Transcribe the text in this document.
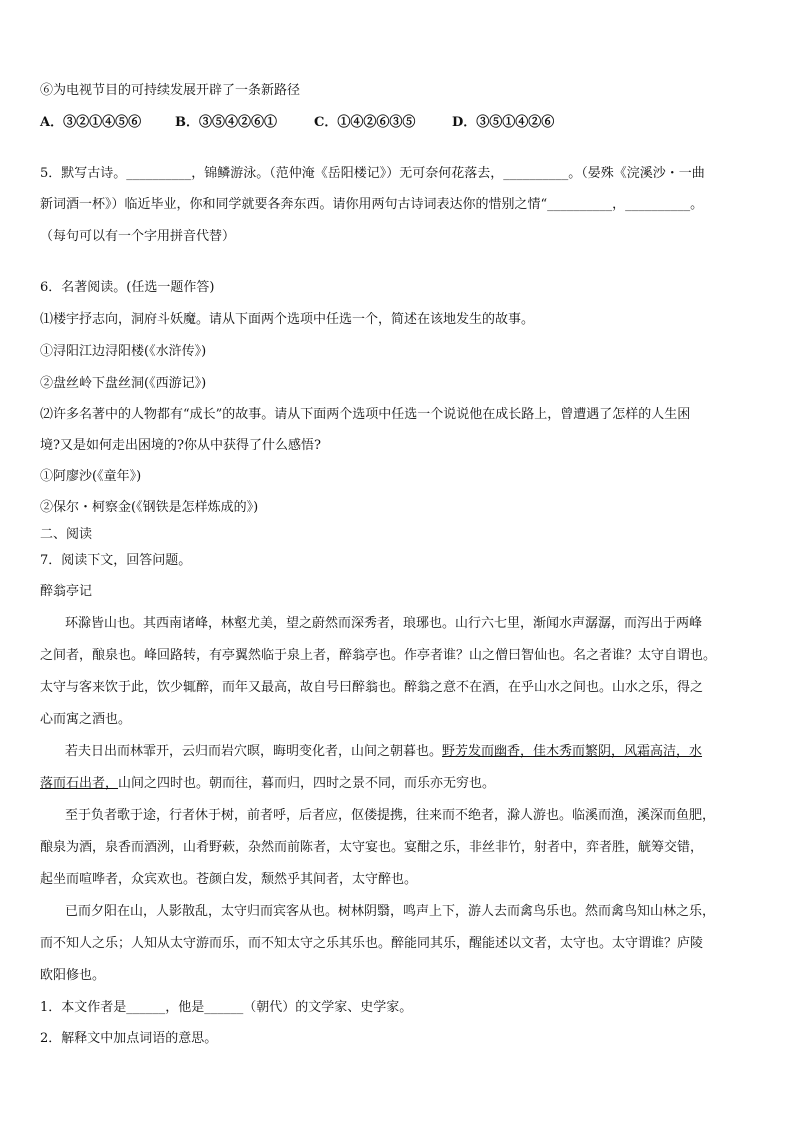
⑥为电视节目的可持续发展开辟了一条新路径
A．③②①④⑤⑥	B．③⑤④②⑥①	C．①④②⑥③⑤	D．③⑤①④②⑥
5．默写古诗。__________，锦鳞游泳。（范仲淹《岳阳楼记》）无可奈何花落去，__________。（晏殊《浣溪沙・一曲
新词酒一杯》）临近毕业，你和同学就要各奔东西。请你用两句古诗词表达你的惜别之情“__________，__________。
（每句可以有一个字用拼音代替）
6．名著阅读。(任选一题作答)
⑴楼宇抒志向，洞府斗妖魔。请从下面两个选项中任选一个，简述在该地发生的故事。
①浔阳江边浔阳楼(《水浒传》)
②盘丝岭下盘丝洞(《西游记》)
⑵许多名著中的人物都有“成长”的故事。请从下面两个选项中任选一个说说他在成长路上，曾遭遇了怎样的人生困
境?又是如何走出困境的?你从中获得了什么感悟?
①阿廖沙(《童年》)
②保尔・柯察金(《钢铁是怎样炼成的》)
二、阅读
7．阅读下文，回答问题。
醉翁亭记
环滁皆山也。其西南诸峰，林壑尤美，望之蔚然而深秀者，琅琊也。山行六七里，渐闻水声潺潺，而泻出于两峰
之间者，酿泉也。峰回路转，有亭翼然临于泉上者，醉翁亭也。作亭者谁？山之僧曰智仙也。名之者谁？太守自谓也。
太守与客来饮于此，饮少辄醉，而年又最高，故自号曰醉翁也。醉翁之意不在酒，在乎山水之间也。山水之乐，得之
心而寓之酒也。
若夫日出而林霏开，云归而岩穴暝，晦明变化者，山间之朝暮也。野芳发而幽香，佳木秀而繁阴，风霜高洁，水
落而石出者，山间之四时也。朝而往，暮而归，四时之景不同，而乐亦无穷也。
至于负者歌于途，行者休于树，前者呼，后者应，伛偻提携，往来而不绝者，滁人游也。临溪而渔，溪深而鱼肥，
酿泉为酒，泉香而酒洌，山肴野蔌，杂然而前陈者，太守宴也。宴酣之乐，非丝非竹，射者中，弈者胜，觥筹交错，
起坐而喧哗者，众宾欢也。苍颜白发，颓然乎其间者，太守醉也。
已而夕阳在山，人影散乱，太守归而宾客从也。树林阴翳，鸣声上下，游人去而禽鸟乐也。然而禽鸟知山林之乐，
而不知人之乐；人知从太守游而乐，而不知太守之乐其乐也。醉能同其乐，醒能述以文者，太守也。太守谓谁？庐陵
欧阳修也。
1．本文作者是______，他是______（朝代）的文学家、史学家。
2．解释文中加点词语的意思。
